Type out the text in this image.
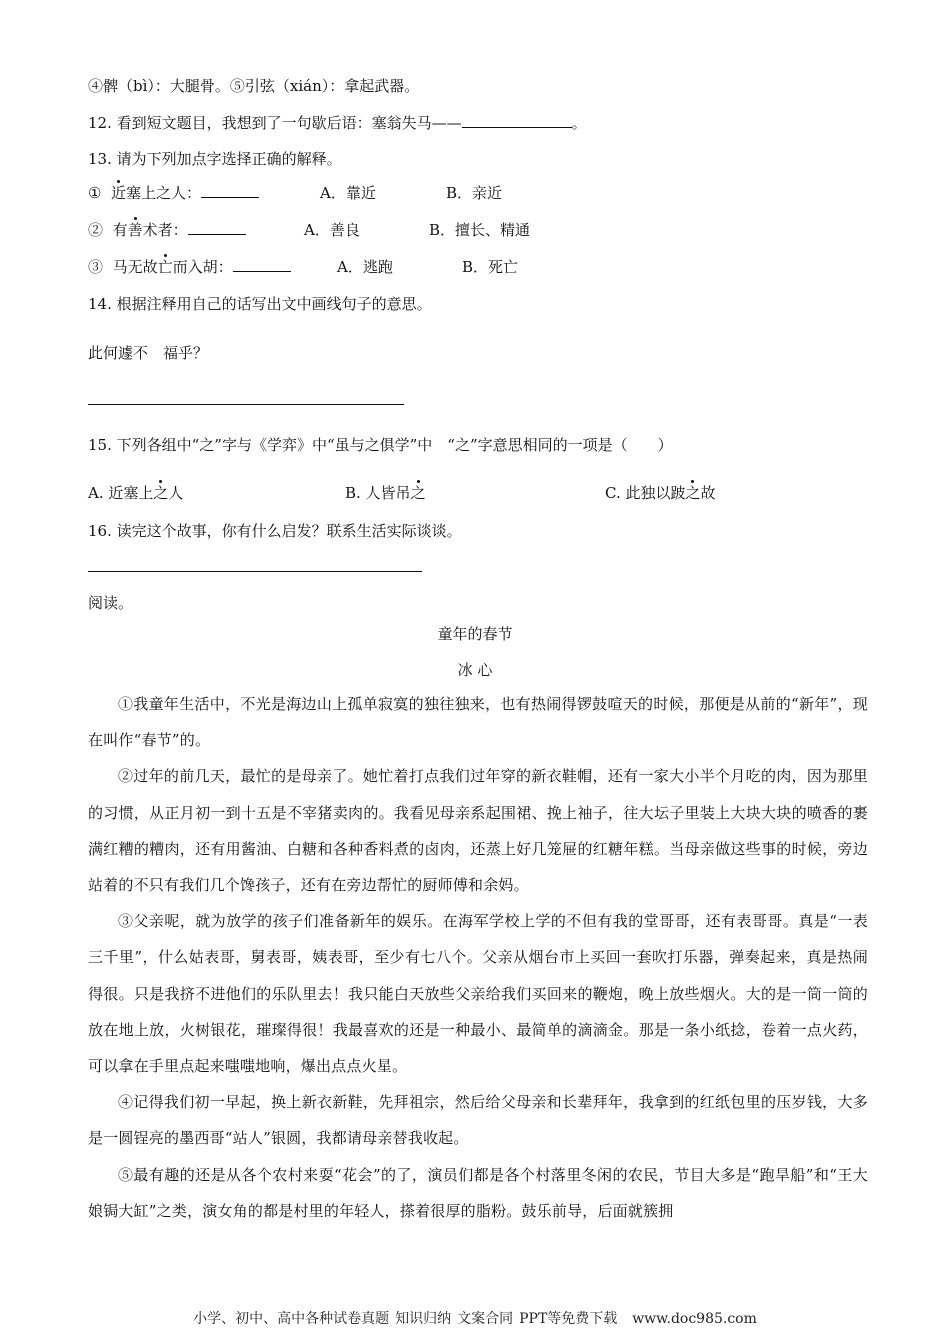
④髀（bì）：大腿骨。⑤引弦（xián）：拿起武器。
12. 看到短文题目，我想到了一句歇后语：塞翁失马——	。
13. 请为下列加点字选择正确的解释。
① 近塞上之人：	A．靠近	B．亲近
② 有善术者：	A．善良	B．擅长、精通
③ 马无故亡而入胡：	A．逃跑	B．死亡
14. 根据注释用自己的话写出文中画线句子的意思。
此何遽不　福乎？
15. 下列各组中“之”字与《学弈》中“虽与之俱学”中　“之”字意思相同的一项是（　　）
A. 近塞上之人	B. 人皆吊之	C. 此独以跛之故
16. 读完这个故事，你有什么启发？联系生活实际谈谈。
阅读。
童年的春节
冰 心

①我童年生活中，不光是海边山上孤单寂寞的独往独来，也有热闹得锣鼓喧天的时候，那便是从前的“新年”，现在叫作“春节”的。

②过年的前几天，最忙的是母亲了。她忙着打点我们过年穿的新衣鞋帽，还有一家大小半个月吃的肉，因为那里的习惯，从正月初一到十五是不宰猪卖肉的。我看见母亲系起围裙、挽上袖子，往大坛子里装上大块大块的喷香的裹满红糟的糟肉，还有用酱油、白糖和各种香料煮的卤肉，还蒸上好几笼屉的红糖年糕。当母亲做这些事的时候，旁边站着的不只有我们几个馋孩子，还有在旁边帮忙的厨师傅和余妈。

③父亲呢，就为放学的孩子们准备新年的娱乐。在海军学校上学的不但有我的堂哥哥，还有表哥哥。真是“一表三千里”，什么姑表哥，舅表哥，姨表哥，至少有七八个。父亲从烟台市上买回一套吹打乐器，弹奏起来，真是热闹得很。只是我挤不进他们的乐队里去！我只能白天放些父亲给我们买回来的鞭炮，晚上放些烟火。大的是一筒一筒的放在地上放，火树银花，璀璨得很！我最喜欢的还是一种最小、最简单的滴滴金。那是一条小纸捻，卷着一点火药，可以拿在手里点起来嗤嗤地响，爆出点点火星。

④记得我们初一早起，换上新衣新鞋，先拜祖宗，然后给父母亲和长辈拜年，我拿到的红纸包里的压岁钱，大多是一圆锃亮的墨西哥“站人”银圆，我都请母亲替我收起。

⑤最有趣的还是从各个农村来耍“花会”的了，演员们都是各个村落里冬闲的农民，节目大多是“跑旱船”和“王大娘锔大缸”之类，演女角的都是村里的年轻人，搽着很厚的脂粉。鼓乐前导，后面就簇拥

小学、初中、高中各种试卷真题 知识归纳 文案合同 PPT等免费下载 www.doc985.com
